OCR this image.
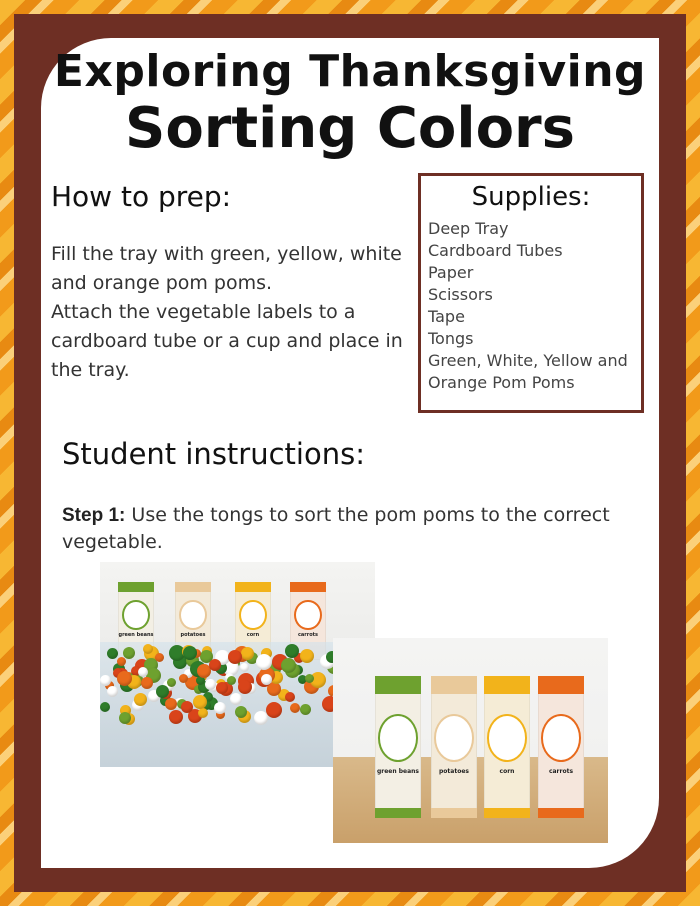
Exploring Thanksgiving
Sorting Colors
How to prep:

Fill the tray with green, yellow, white and orange pom poms.

Attach the vegetable labels to a cardboard tube or a cup and place in the tray.

Supplies:
Deep Tray
Cardboard Tubes
Paper
Scissors
Tape
Tongs
Green, White, Yellow and Orange Pom Poms
Student instructions:
Step 1: Use the tongs to sort the pom poms to the correct vegetable.
green beans	potatoes	corn	carrots
green beans	potatoes	corn	carrots
